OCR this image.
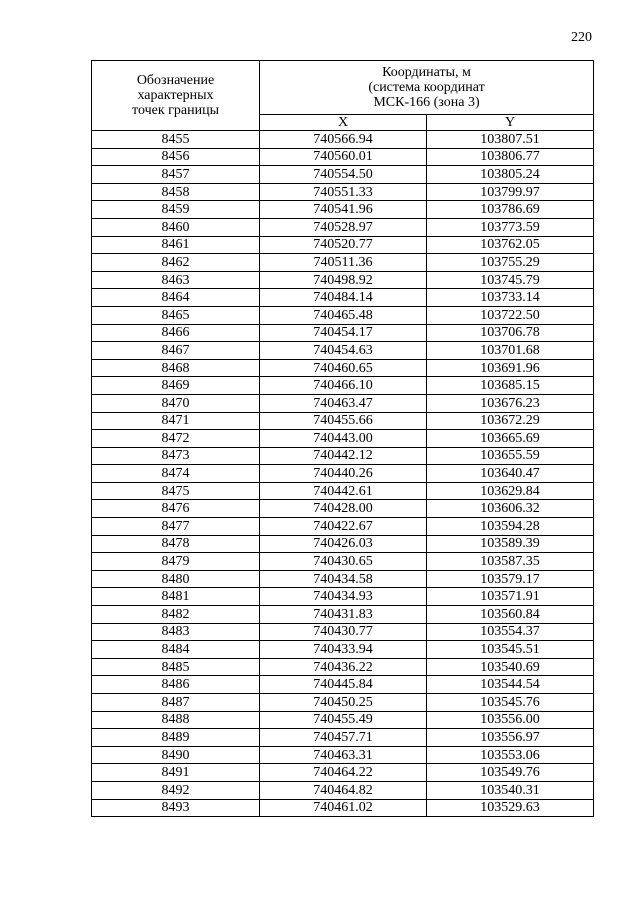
220
Обозначение
характерных
точек границы	Координаты, м
(система координат
МСК-166 (зона 3)	

	X	Y
8455	740566.94	103807.51
8456	740560.01	103806.77
8457	740554.50	103805.24
8458	740551.33	103799.97
8459	740541.96	103786.69
8460	740528.97	103773.59
8461	740520.77	103762.05
8462	740511.36	103755.29
8463	740498.92	103745.79
8464	740484.14	103733.14
8465	740465.48	103722.50
8466	740454.17	103706.78
8467	740454.63	103701.68
8468	740460.65	103691.96
8469	740466.10	103685.15
8470	740463.47	103676.23
8471	740455.66	103672.29
8472	740443.00	103665.69
8473	740442.12	103655.59
8474	740440.26	103640.47
8475	740442.61	103629.84
8476	740428.00	103606.32
8477	740422.67	103594.28
8478	740426.03	103589.39
8479	740430.65	103587.35
8480	740434.58	103579.17
8481	740434.93	103571.91
8482	740431.83	103560.84
8483	740430.77	103554.37
8484	740433.94	103545.51
8485	740436.22	103540.69
8486	740445.84	103544.54
8487	740450.25	103545.76
8488	740455.49	103556.00
8489	740457.71	103556.97
8490	740463.31	103553.06
8491	740464.22	103549.76
8492	740464.82	103540.31
8493	740461.02	103529.63
